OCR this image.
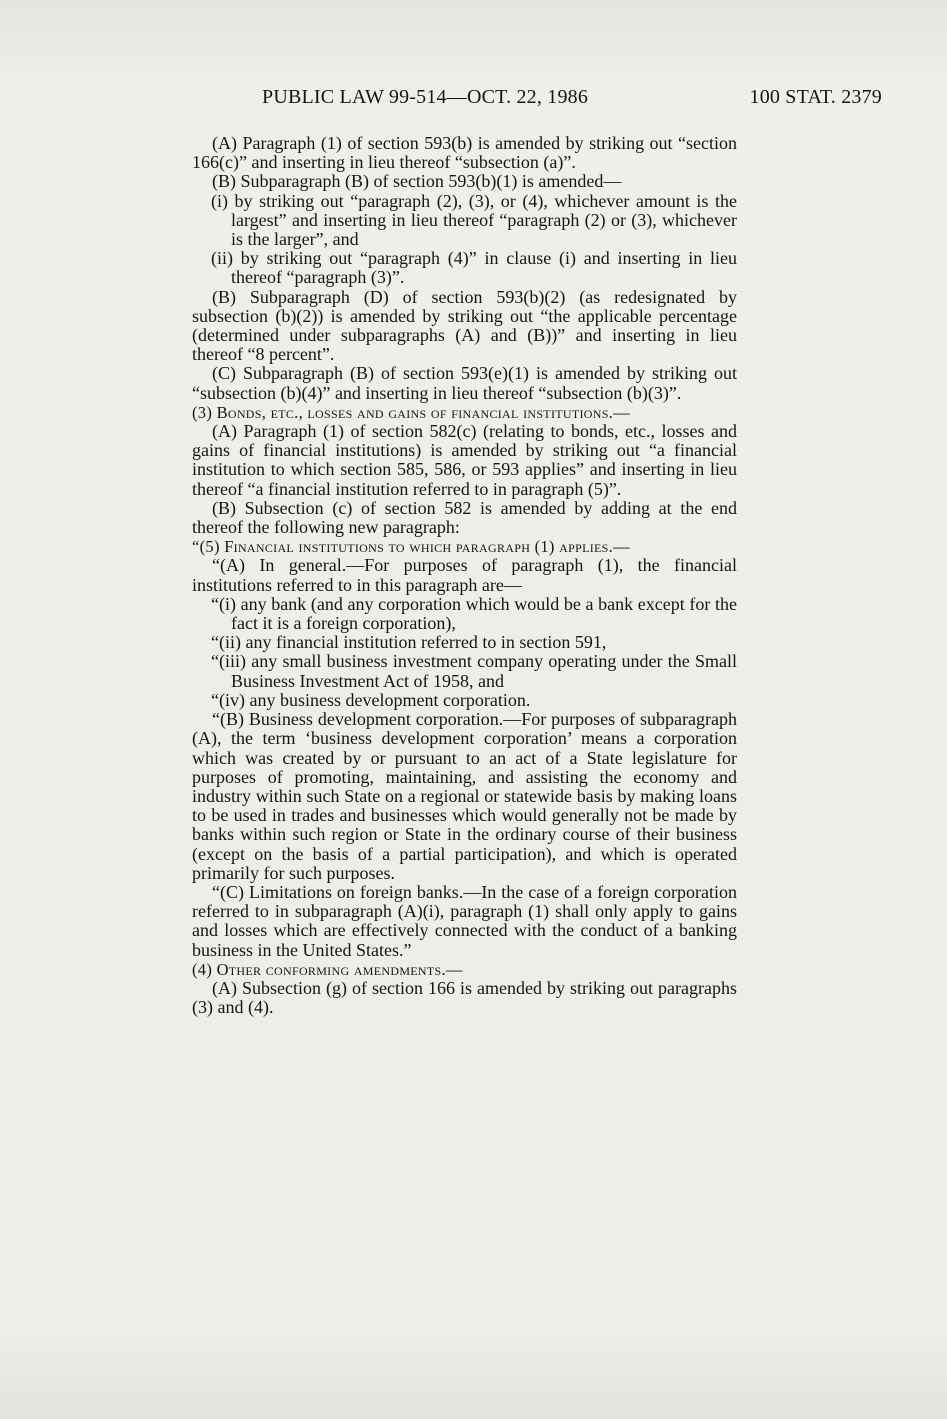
PUBLIC LAW 99-514—OCT. 22, 1986	100 STAT. 2379

(A) Paragraph (1) of section 593(b) is amended by striking out “section 166(c)” and inserting in lieu thereof “subsection (a)”.

(B) Subparagraph (B) of section 593(b)(1) is amended—

(i) by striking out “paragraph (2), (3), or (4), whichever amount is the largest” and inserting in lieu thereof “paragraph (2) or (3), whichever is the larger”, and

(ii) by striking out “paragraph (4)” in clause (i) and inserting in lieu thereof “paragraph (3)”.

(B) Subparagraph (D) of section 593(b)(2) (as redesignated by subsection (b)(2)) is amended by striking out “the applicable percentage (determined under subparagraphs (A) and (B))” and inserting in lieu thereof “8 percent”.

(C) Subparagraph (B) of section 593(e)(1) is amended by striking out “subsection (b)(4)” and inserting in lieu thereof “subsection (b)(3)”.

(3) Bonds, etc., losses and gains of financial institutions.—

(A) Paragraph (1) of section 582(c) (relating to bonds, etc., losses and gains of financial institutions) is amended by striking out “a financial institution to which section 585, 586, or 593 applies” and inserting in lieu thereof “a financial institution referred to in paragraph (5)”.

(B) Subsection (c) of section 582 is amended by adding at the end thereof the following new paragraph:

“(5) Financial institutions to which paragraph (1) applies.—

“(A) In general.—For purposes of paragraph (1), the financial institutions referred to in this paragraph are—

“(i) any bank (and any corporation which would be a bank except for the fact it is a foreign corporation),

“(ii) any financial institution referred to in section 591,

“(iii) any small business investment company operating under the Small Business Investment Act of 1958, and

“(iv) any business development corporation.

“(B) Business development corporation.—For purposes of subparagraph (A), the term ‘business development corporation’ means a corporation which was created by or pursuant to an act of a State legislature for purposes of promoting, maintaining, and assisting the economy and industry within such State on a regional or statewide basis by making loans to be used in trades and businesses which would generally not be made by banks within such region or State in the ordinary course of their business (except on the basis of a partial participation), and which is operated primarily for such purposes.

“(C) Limitations on foreign banks.—In the case of a foreign corporation referred to in subparagraph (A)(i), paragraph (1) shall only apply to gains and losses which are effectively connected with the conduct of a banking business in the United States.”

(4) Other conforming amendments.—

(A) Subsection (g) of section 166 is amended by striking out paragraphs (3) and (4).
